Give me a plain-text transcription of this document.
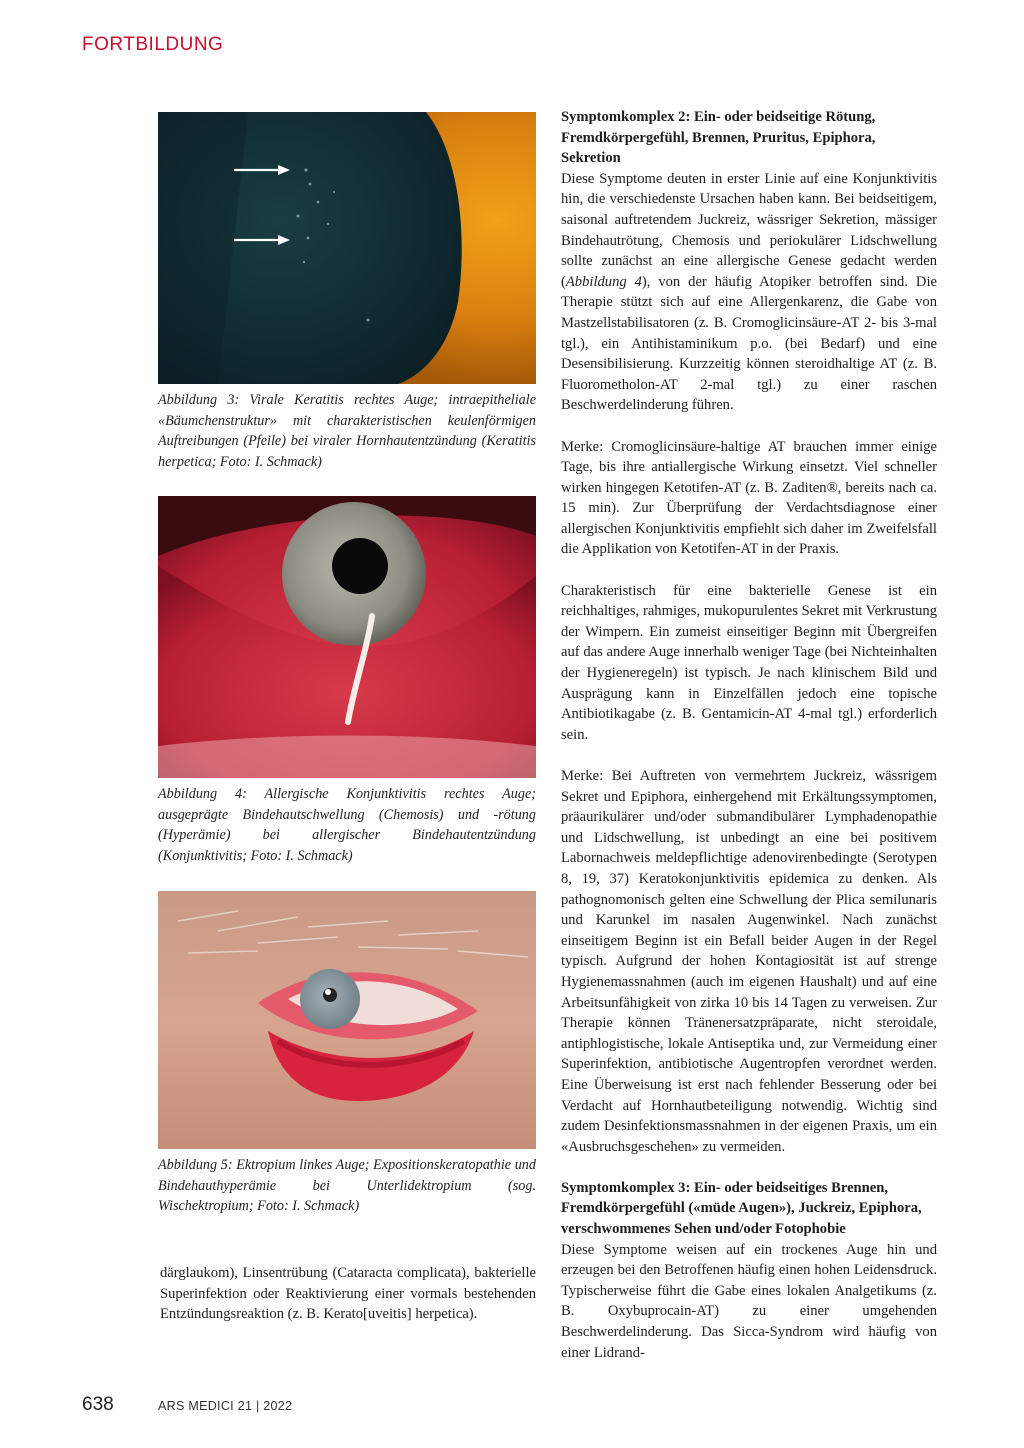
FORTBILDUNG
Abbildung 3: Virale Keratitis rechtes Auge; intraepitheliale «Bäumchenstruktur» mit charakteristischen keulenförmigen Auftreibungen (Pfeile) bei viraler Hornhautentzündung (Keratitis herpetica; Foto: I. Schmack)
Abbildung 4: Allergische Konjunktivitis rechtes Auge; ausgeprägte Bindehautschwellung (Chemosis) und -rötung (Hyperämie) bei allergischer Bindehautentzündung (Konjunktivitis; Foto: I. Schmack)
Abbildung 5: Ektropium linkes Auge; Expositionskeratopathie und Bindehauthyperämie bei Unterlidektropium (sog. Wischektropium; Foto: I. Schmack)
därglaukom), Linsentrübung (Cataracta complicata), bakterielle Superinfektion oder Reaktivierung einer vormals bestehenden Entzündungsreaktion (z. B. Kerato[uveitis] herpetica).
Symptomkomplex 2: Ein- oder beidseitige Rötung, Fremdkörpergefühl, Brennen, Pruritus, Epiphora, Sekretion

Diese Symptome deuten in erster Linie auf eine Konjunktivitis hin, die verschiedenste Ursachen haben kann. Bei beidseitigem, saisonal auftretendem Juckreiz, wässriger Sekretion, mässiger Bindehautrötung, Chemosis und periokulärer Lidschwellung sollte zunächst an eine allergische Genese gedacht werden (Abbildung 4), von der häufig Atopiker betroffen sind. Die Therapie stützt sich auf eine Allergenkarenz, die Gabe von Mastzellstabilisatoren (z. B. Cromoglicinsäure-AT 2- bis 3-mal tgl.), ein Antihistaminikum p.o. (bei Bedarf) und eine Desensibilisierung. Kurzzeitig können steroidhaltige AT (z. B. Fluorometholon-AT 2-mal tgl.) zu einer raschen Beschwerdelinderung führen.

Merke: Cromoglicinsäure-haltige AT brauchen immer einige Tage, bis ihre antiallergische Wirkung einsetzt. Viel schneller wirken hingegen Ketotifen-AT (z. B. Zaditen®, bereits nach ca. 15 min). Zur Überprüfung der Verdachtsdiagnose einer allergischen Konjunktivitis empfiehlt sich daher im Zweifelsfall die Applikation von Ketotifen-AT in der Praxis.

Charakteristisch für eine bakterielle Genese ist ein reichhaltiges, rahmiges, mukopurulentes Sekret mit Verkrustung der Wimpern. Ein zumeist einseitiger Beginn mit Übergreifen auf das andere Auge innerhalb weniger Tage (bei Nichteinhalten der Hygieneregeln) ist typisch. Je nach klinischem Bild und Ausprägung kann in Einzelfällen jedoch eine topische Antibiotikagabe (z. B. Gentamicin-AT 4-mal tgl.) erforderlich sein.

Merke: Bei Auftreten von vermehrtem Juckreiz, wässrigem Sekret und Epiphora, einhergehend mit Erkältungssymptomen, präaurikulärer und/oder submandibulärer Lymphadenopathie und Lidschwellung, ist unbedingt an eine bei positivem Labornachweis meldepflichtige adenovirenbedingte (Serotypen 8, 19, 37) Keratokonjunktivitis epidemica zu denken. Als pathognomonisch gelten eine Schwellung der Plica semilunaris und Karunkel im nasalen Augenwinkel. Nach zunächst einseitigem Beginn ist ein Befall beider Augen in der Regel typisch. Aufgrund der hohen Kontagiosität ist auf strenge Hygienemassnahmen (auch im eigenen Haushalt) und auf eine Arbeitsunfähigkeit von zirka 10 bis 14 Tagen zu verweisen. Zur Therapie können Tränenersatzpräparate, nicht steroidale, antiphlogistische, lokale Antiseptika und, zur Vermeidung einer Superinfektion, antibiotische Augentropfen verordnet werden. Eine Überweisung ist erst nach fehlender Besserung oder bei Verdacht auf Hornhautbeteiligung notwendig. Wichtig sind zudem Desinfektionsmassnahmen in der eigenen Praxis, um ein «Ausbruchsgeschehen» zu vermeiden.

Symptomkomplex 3: Ein- oder beidseitiges Brennen, Fremdkörpergefühl («müde Augen»), Juckreiz, Epiphora, verschwommenes Sehen und/oder Fotophobie

Diese Symptome weisen auf ein trockenes Auge hin und erzeugen bei den Betroffenen häufig einen hohen Leidensdruck. Typischerweise führt die Gabe eines lokalen Analgetikums (z. B. Oxybuprocain-AT) zu einer umgehenden Beschwerdelinderung. Das Sicca-Syndrom wird häufig von einer Lidrand-

638	ARS MEDICI 21 | 2022
